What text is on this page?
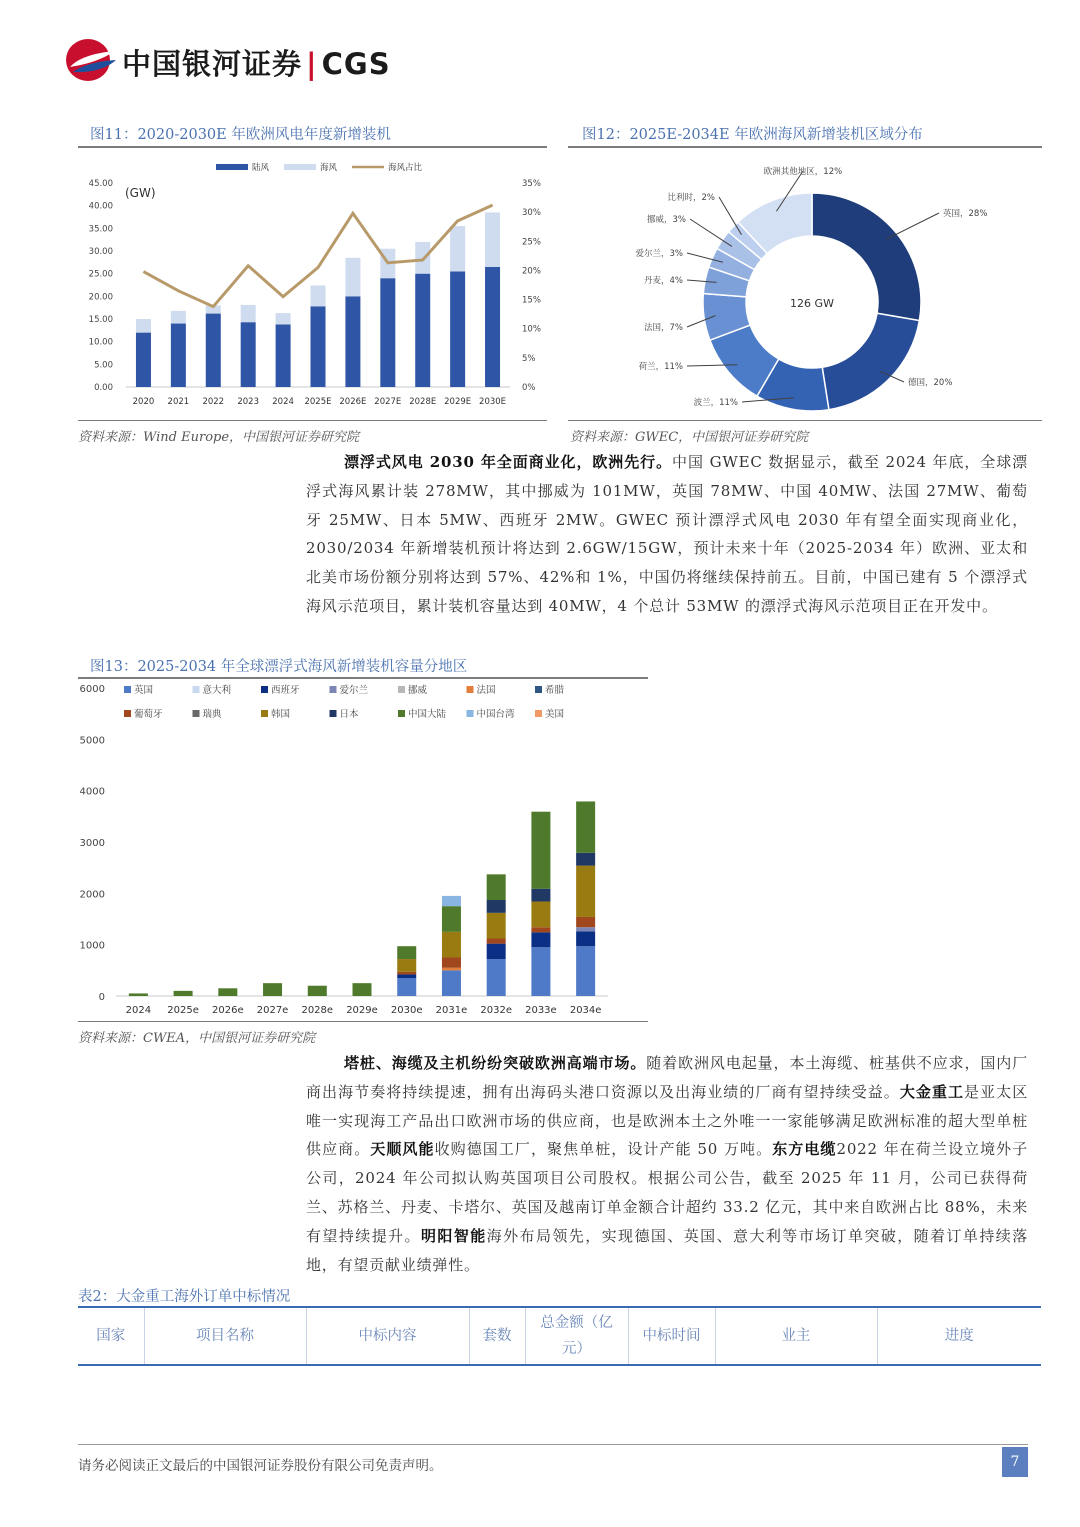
中国银河证券 | CGS
图11：2020-2030E 年欧洲风电年度新增装机
0.00
5.00
10.00
15.00
20.00
25.00
30.00
35.00
40.00
45.00
0%
5%
10%
15%
20%
25%
30%
35%
(GW)
2020 2021 2022 2023 2024 2025E 2026E 2027E 2028E 2029E 2030E
陆风	海风	海风占比
资料来源：Wind Europe，中国银河证券研究院
图12：2025E-2034E 年欧洲海风新增装机区域分布
英国，28%
德国，20%
波兰，11%
荷兰，11%
法国，7%
丹麦，4%
爱尔兰，3%
挪威，3%
比利时，2%
欧洲其他地区，12%
126 GW
资料来源：GWEC，中国银河证券研究院
漂浮式风电 2030 年全面商业化，欧洲先行。中国 GWEC 数据显示，截至 2024 年底，全球漂浮式海风累计装 278MW，其中挪威为 101MW，英国 78MW、中国 40MW、法国 27MW、葡萄牙 25MW、日本 5MW、西班牙 2MW。GWEC 预计漂浮式风电 2030 年有望全面实现商业化，2030/2034 年新增装机预计将达到 2.6GW/15GW，预计未来十年（2025-2034 年）欧洲、亚太和北美市场份额分别将达到 57%、42%和 1%，中国仍将继续保持前五。目前，中国已建有 5 个漂浮式海风示范项目，累计装机容量达到 40MW，4 个总计 53MW 的漂浮式海风示范项目正在开发中。
图13：2025-2034 年全球漂浮式海风新增装机容量分地区
0
1000
2000
3000
4000
5000
6000
2024 2025e 2026e 2027e 2028e 2029e 2030e 2031e 2032e 2033e 2034e
英国	意大利	西班牙	爱尔兰	挪威	法国	希腊
葡萄牙	瑞典	韩国	日本	中国大陆	中国台湾	美国
资料来源：CWEA，中国银河证券研究院
塔桩、海缆及主机纷纷突破欧洲高端市场。随着欧洲风电起量，本土海缆、桩基供不应求，国内厂商出海节奏将持续提速，拥有出海码头港口资源以及出海业绩的厂商有望持续受益。大金重工是亚太区唯一实现海工产品出口欧洲市场的供应商，也是欧洲本土之外唯一一家能够满足欧洲标准的超大型单桩供应商。天顺风能收购德国工厂，聚焦单桩，设计产能 50 万吨。东方电缆2022 年在荷兰设立境外子公司，2024 年公司拟认购英国项目公司股权。根据公司公告，截至 2025 年 11 月，公司已获得荷兰、苏格兰、丹麦、卡塔尔、英国及越南订单金额合计超约 33.2 亿元，其中来自欧洲占比 88%，未来有望持续提升。明阳智能海外布局领先，实现德国、英国、意大利等市场订单突破，随着订单持续落地，有望贡献业绩弹性。
表2：大金重工海外订单中标情况
国家	项目名称	中标内容	套数	总金额（亿元）	中标时间	业主	进度
请务必阅读正文最后的中国银河证券股份有限公司免责声明。	7
